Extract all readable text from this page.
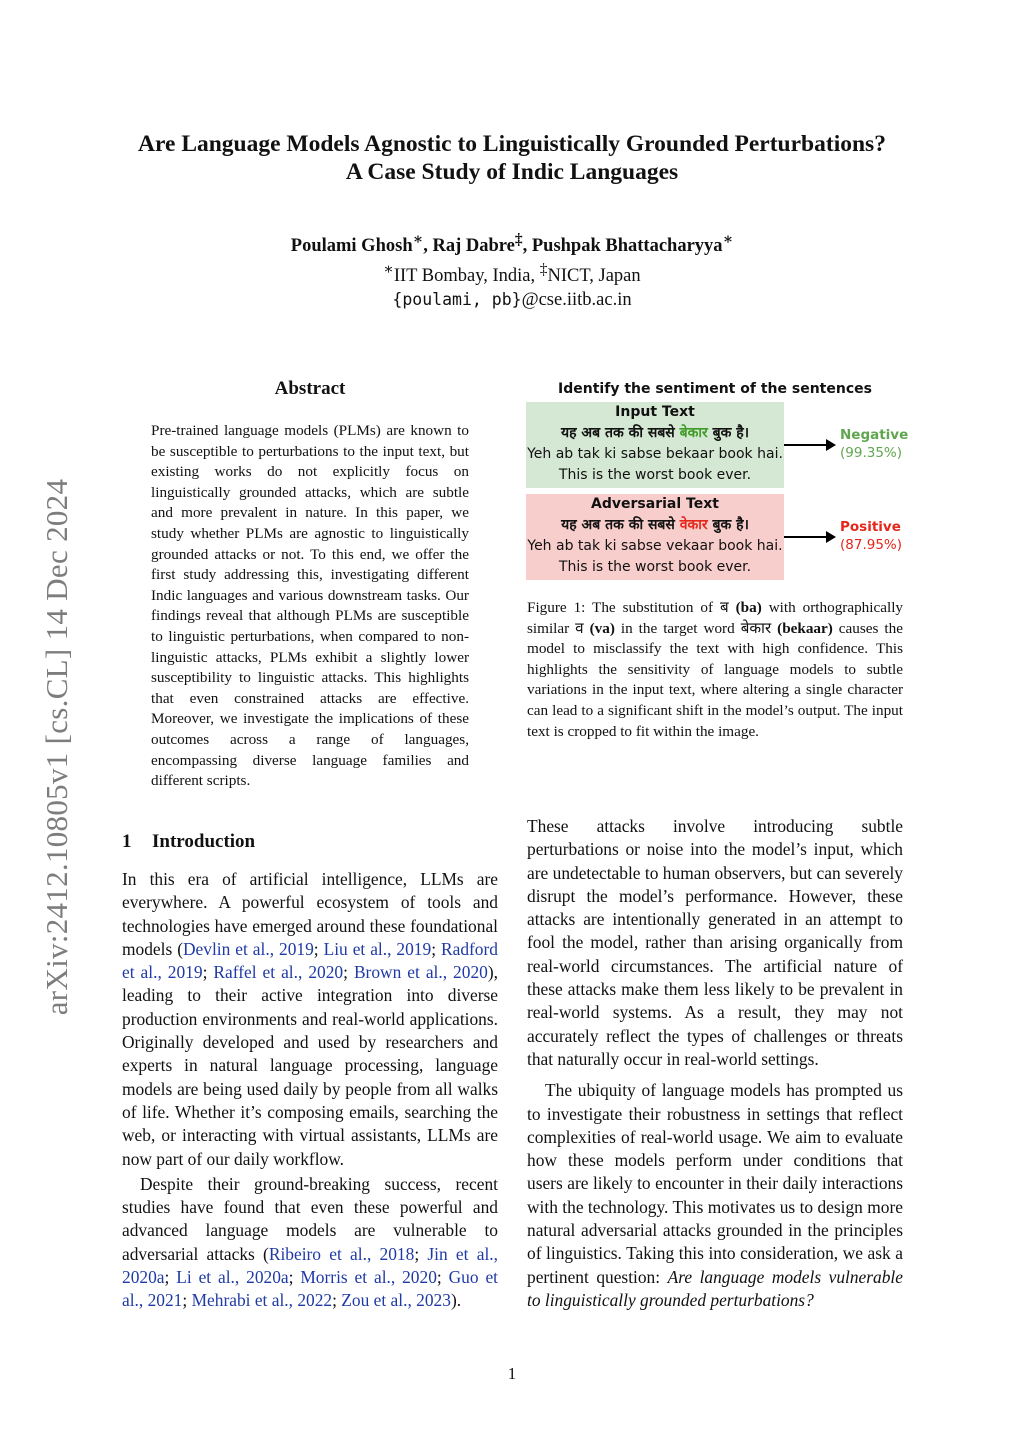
arXiv:2412.10805v1 [cs.CL] 14 Dec 2024
Are Language Models Agnostic to Linguistically Grounded Perturbations?
A Case Study of Indic Languages
Poulami Ghosh∗, Raj Dabre‡, Pushpak Bhattacharyya∗
∗IIT Bombay, India, ‡NICT, Japan
{poulami, pb}@cse.iitb.ac.in
Abstract
Pre-trained language models (PLMs) are known to be susceptible to perturbations to the input text, but existing works do not explicitly focus on linguistically grounded attacks, which are subtle and more prevalent in nature. In this paper, we study whether PLMs are agnostic to linguistically grounded attacks or not. To this end, we offer the first study addressing this, investigating different Indic languages and various downstream tasks. Our findings reveal that although PLMs are susceptible to linguistic perturbations, when compared to non-linguistic attacks, PLMs exhibit a slightly lower susceptibility to linguistic attacks. This highlights that even constrained attacks are effective. Moreover, we investigate the implications of these outcomes across a range of languages, encompassing diverse language families and different scripts.
Identify the sentiment of the sentences
Input Text
यह अब तक की सबसे बेकार बुक है।
Yeh ab tak ki sabse bekaar book hai.
This is the worst book ever.
Negative
(99.35%)
Adversarial Text
यह अब तक की सबसे वेकार बुक है।
Yeh ab tak ki sabse vekaar book hai.
This is the worst book ever.
Positive
(87.95%)
Figure 1: The substitution of ब (ba) with orthographically similar व (va) in the target word बेकार (bekaar) causes the model to misclassify the text with high confidence. This highlights the sensitivity of language models to subtle variations in the input text, where altering a single character can lead to a significant shift in the model’s output. The input text is cropped to fit within the image.
1 Introduction

In this era of artificial intelligence, LLMs are everywhere. A powerful ecosystem of tools and technologies have emerged around these foundational models (Devlin et al., 2019; Liu et al., 2019; Radford et al., 2019; Raffel et al., 2020; Brown et al., 2020), leading to their active integration into diverse production environments and real-world applications. Originally developed and used by researchers and experts in natural language processing, language models are being used daily by people from all walks of life. Whether it’s composing emails, searching the web, or interacting with virtual assistants, LLMs are now part of our daily workflow.

Despite their ground-breaking success, recent studies have found that even these powerful and advanced language models are vulnerable to adversarial attacks (Ribeiro et al., 2018; Jin et al., 2020a; Li et al., 2020a; Morris et al., 2020; Guo et al., 2021; Mehrabi et al., 2022; Zou et al., 2023).

These attacks involve introducing subtle perturbations or noise into the model’s input, which are undetectable to human observers, but can severely disrupt the model’s performance. However, these attacks are intentionally generated in an attempt to fool the model, rather than arising organically from real-world circumstances. The artificial nature of these attacks make them less likely to be prevalent in real-world systems. As a result, they may not accurately reflect the types of challenges or threats that naturally occur in real-world settings.

The ubiquity of language models has prompted us to investigate their robustness in settings that reflect complexities of real-world usage. We aim to evaluate how these models perform under conditions that users are likely to encounter in their daily interactions with the technology. This motivates us to design more natural adversarial attacks grounded in the principles of linguistics. Taking this into consideration, we ask a pertinent question: Are language models vulnerable to linguistically grounded perturbations?

1
